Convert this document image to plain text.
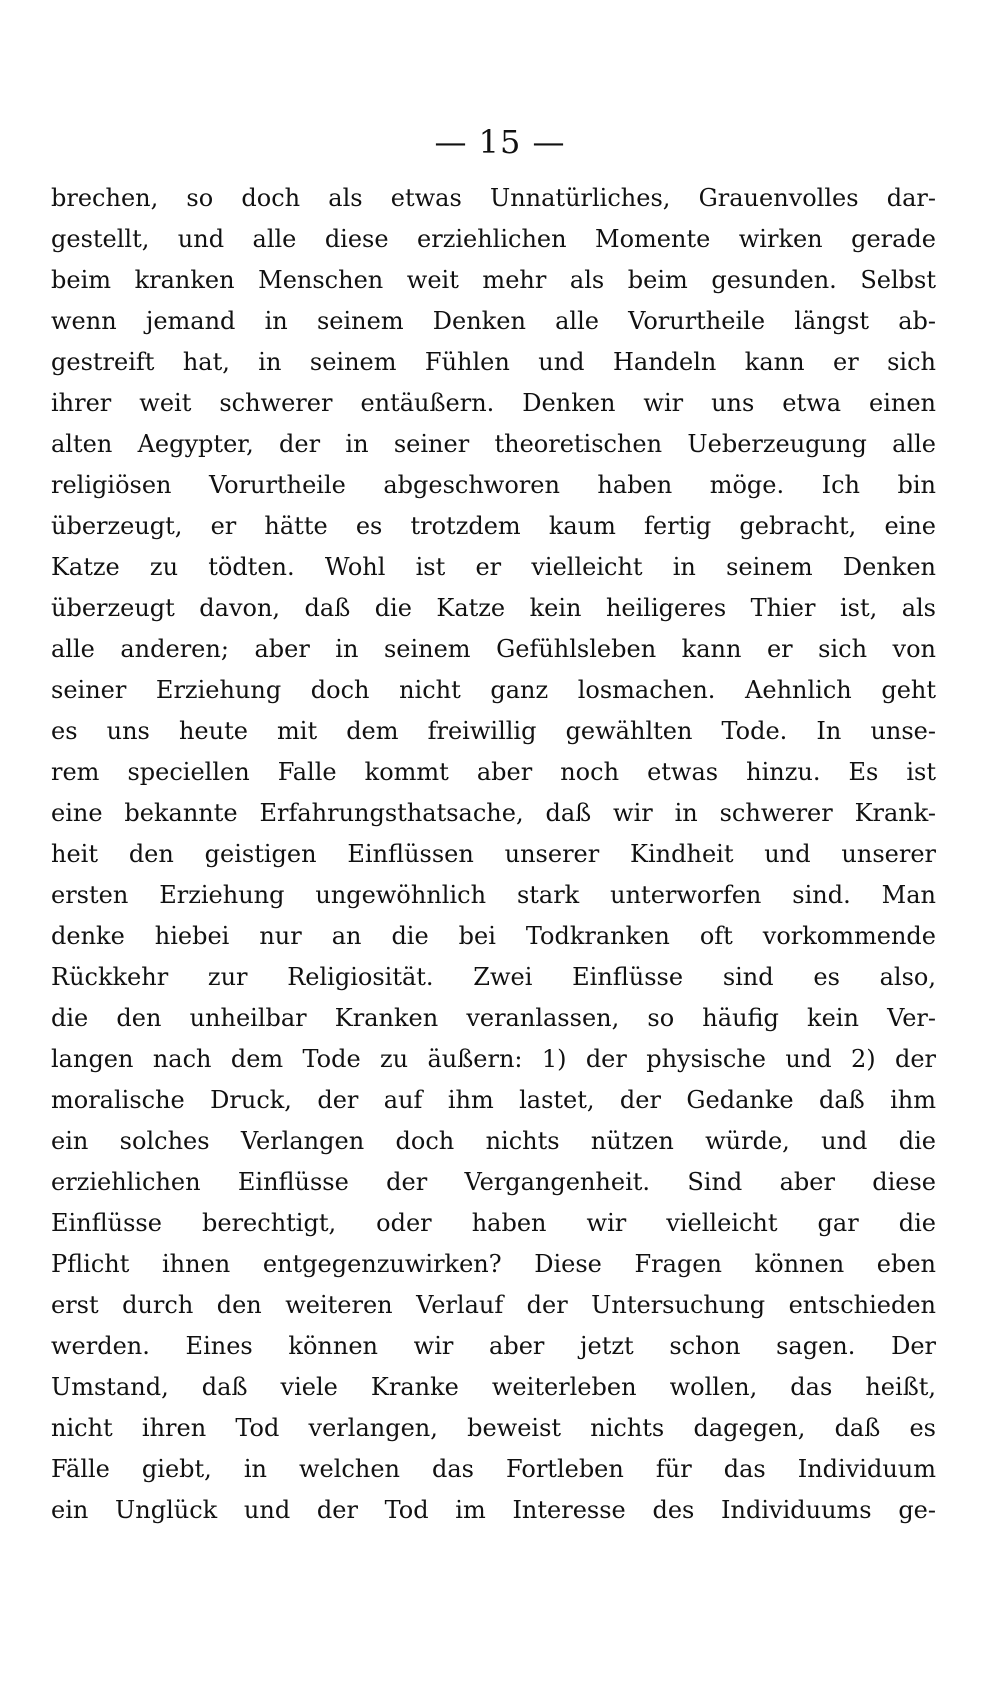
— 15 —
brechen, so doch als etwas Unnatürliches, Grauenvolles dar-
gestellt, und alle diese erziehlichen Momente wirken gerade
beim kranken Menschen weit mehr als beim gesunden. Selbst
wenn jemand in seinem Denken alle Vorurtheile längst ab-
gestreift hat, in seinem Fühlen und Handeln kann er sich
ihrer weit schwerer entäußern. Denken wir uns etwa einen
alten Aegypter, der in seiner theoretischen Ueberzeugung alle
religiösen Vorurtheile abgeschworen haben möge. Ich bin
überzeugt, er hätte es trotzdem kaum fertig gebracht, eine
Katze zu tödten. Wohl ist er vielleicht in seinem Denken
überzeugt davon, daß die Katze kein heiligeres Thier ist, als
alle anderen; aber in seinem Gefühlsleben kann er sich von
seiner Erziehung doch nicht ganz losmachen. Aehnlich geht
es uns heute mit dem freiwillig gewählten Tode. In unse-
rem speciellen Falle kommt aber noch etwas hinzu. Es ist
eine bekannte Erfahrungsthatsache, daß wir in schwerer Krank-
heit den geistigen Einflüssen unserer Kindheit und unserer
ersten Erziehung ungewöhnlich stark unterworfen sind. Man
denke hiebei nur an die bei Todkranken oft vorkommende
Rückkehr zur Religiosität. Zwei Einflüsse sind es also,
die den unheilbar Kranken veranlassen, so häufig kein Ver-
langen nach dem Tode zu äußern: 1) der physische und 2) der
moralische Druck, der auf ihm lastet, der Gedanke daß ihm
ein solches Verlangen doch nichts nützen würde, und die
erziehlichen Einflüsse der Vergangenheit. Sind aber diese
Einflüsse berechtigt, oder haben wir vielleicht gar die
Pflicht ihnen entgegenzuwirken? Diese Fragen können eben
erst durch den weiteren Verlauf der Untersuchung entschieden
werden. Eines können wir aber jetzt schon sagen. Der
Umstand, daß viele Kranke weiterleben wollen, das heißt,
nicht ihren Tod verlangen, beweist nichts dagegen, daß es
Fälle giebt, in welchen das Fortleben für das Individuum
ein Unglück und der Tod im Interesse des Individuums ge-
